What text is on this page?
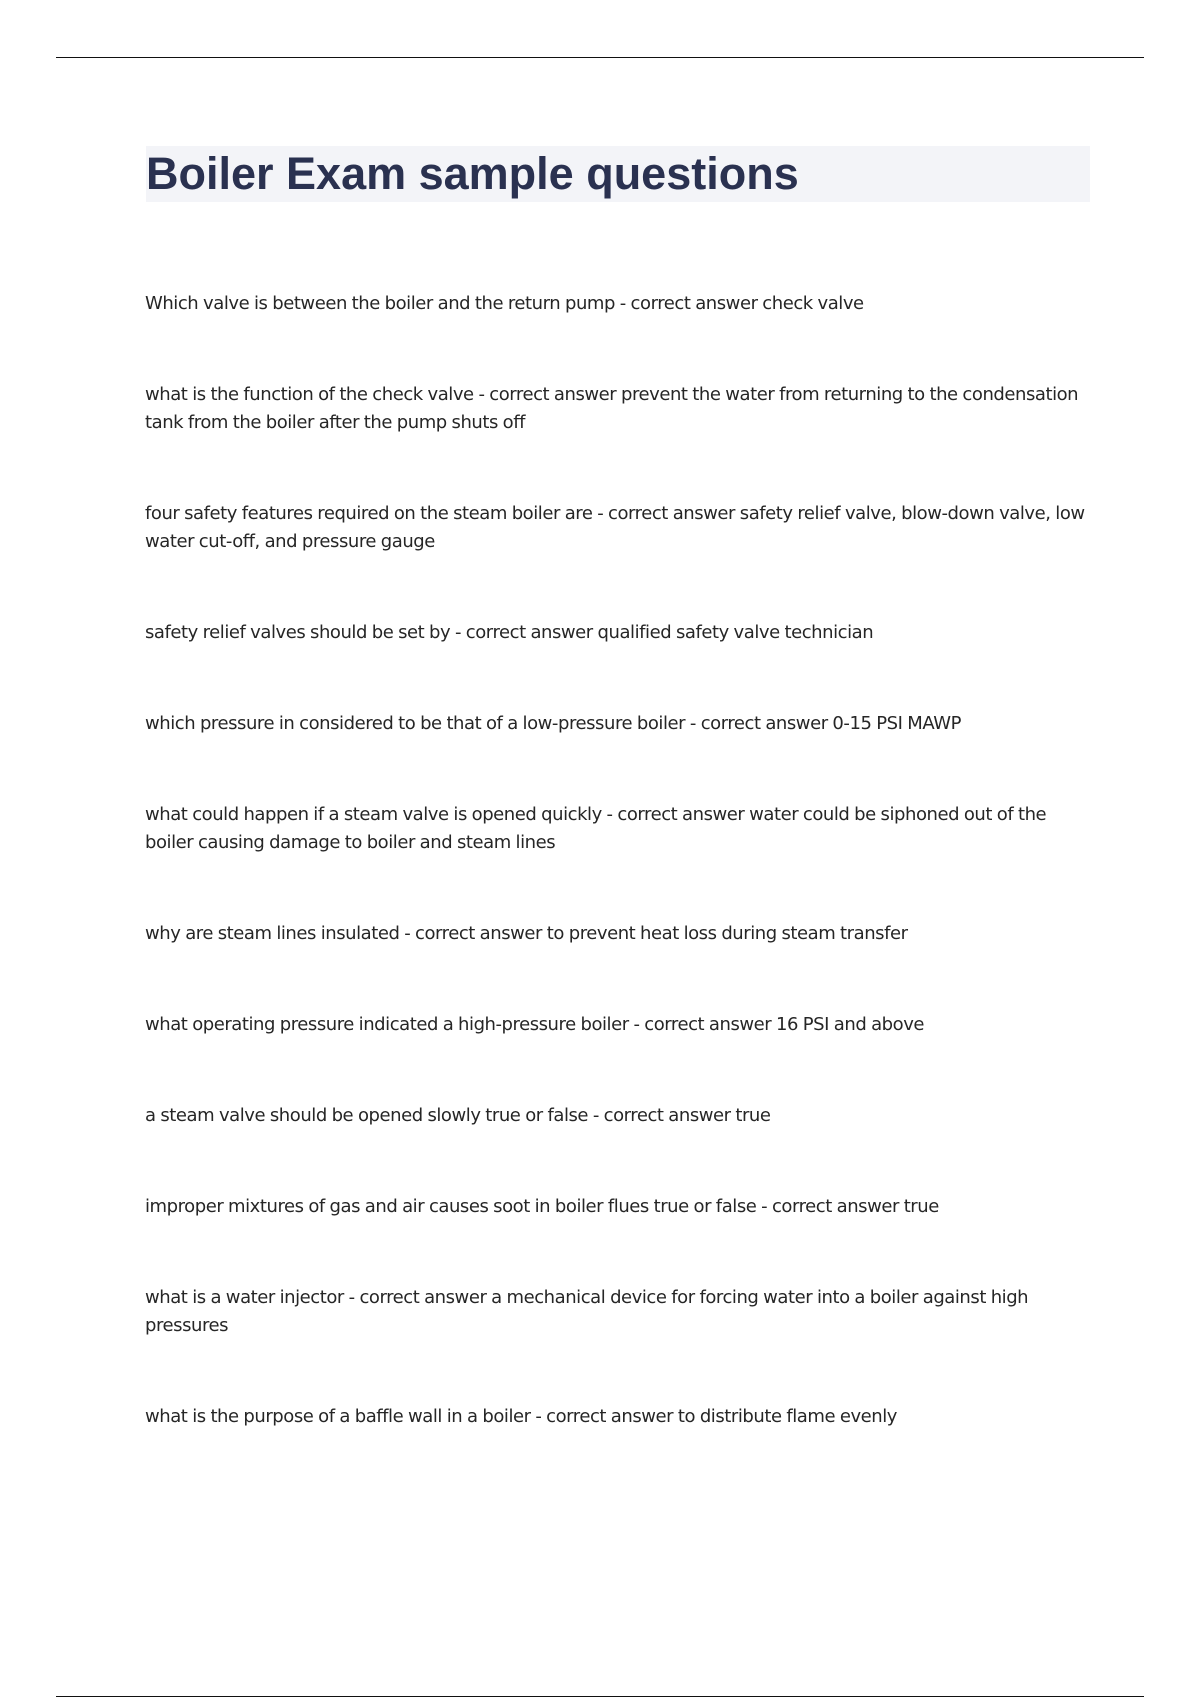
Boiler Exam sample questions
Which valve is between the boiler and the return pump - correct answer check valve
what is the function of the check valve - correct answer prevent the water from returning to the condensation tank from the boiler after the pump shuts off
four safety features required on the steam boiler are - correct answer safety relief valve, blow-down valve, low water cut-off, and pressure gauge
safety relief valves should be set by - correct answer qualified safety valve technician
which pressure in considered to be that of a low-pressure boiler - correct answer 0-15 PSI MAWP
what could happen if a steam valve is opened quickly - correct answer water could be siphoned out of the boiler causing damage to boiler and steam lines
why are steam lines insulated - correct answer to prevent heat loss during steam transfer
what operating pressure indicated a high-pressure boiler - correct answer 16 PSI and above
a steam valve should be opened slowly true or false - correct answer true
improper mixtures of gas and air causes soot in boiler flues true or false - correct answer true
what is a water injector - correct answer a mechanical device for forcing water into a boiler against high pressures
what is the purpose of a baffle wall in a boiler - correct answer to distribute flame evenly
